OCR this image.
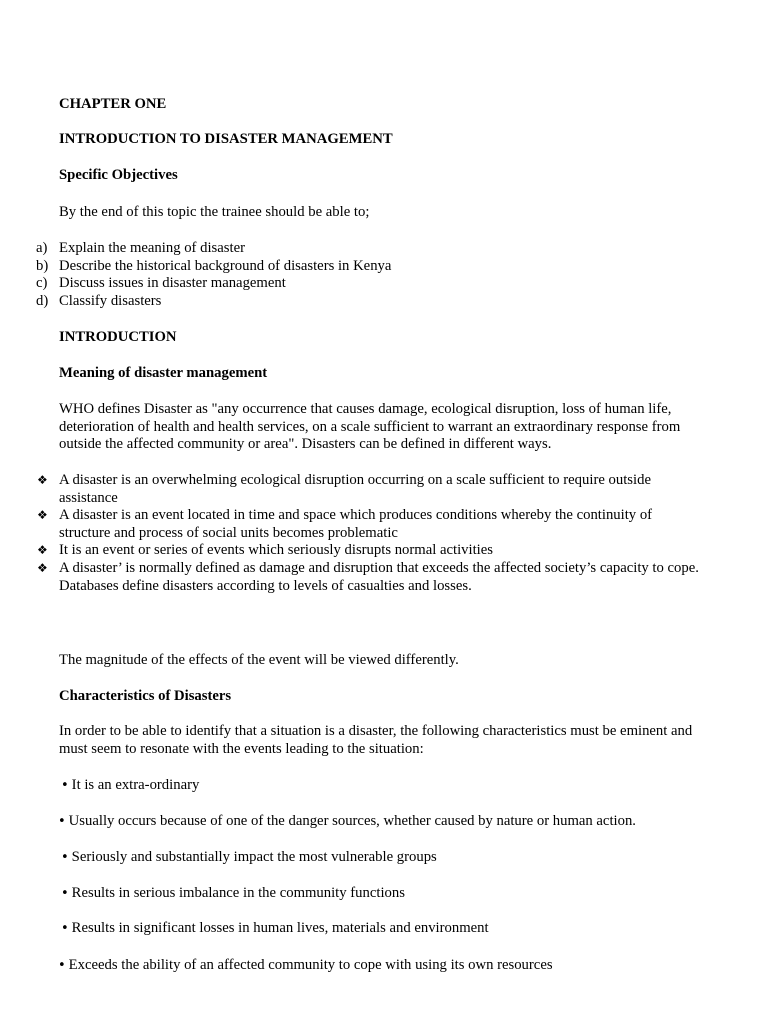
CHAPTER ONE

INTRODUCTION TO DISASTER MANAGEMENT

Specific Objectives

By the end of this topic the trainee should be able to;

a) Explain the meaning of disaster
b) Describe the historical background of disasters in Kenya
c) Discuss issues in disaster management
d) Classify disasters

INTRODUCTION

Meaning of disaster management

WHO defines Disaster as "any occurrence that causes damage, ecological disruption, loss of human life, deterioration of health and health services, on a scale sufficient to warrant an extraordinary response from outside the affected community or area". Disasters can be defined in different ways.

❖ A disaster is an overwhelming ecological disruption occurring on a scale sufficient to require outside assistance
❖ A disaster is an event located in time and space which produces conditions whereby the continuity of structure and process of social units becomes problematic
❖ It is an event or series of events which seriously disrupts normal activities
❖ A disaster’ is normally defined as damage and disruption that exceeds the affected society’s capacity to cope. Databases define disasters according to levels of casualties and losses.

The magnitude of the effects of the event will be viewed differently.

Characteristics of Disasters

In order to be able to identify that a situation is a disaster, the following characteristics must be eminent and must seem to resonate with the events leading to the situation:

• It is an extra-ordinary

• Usually occurs because of one of the danger sources, whether caused by nature or human action.

• Seriously and substantially impact the most vulnerable groups

• Results in serious imbalance in the community functions

• Results in significant losses in human lives, materials and environment

• Exceeds the ability of an affected community to cope with using its own resources
